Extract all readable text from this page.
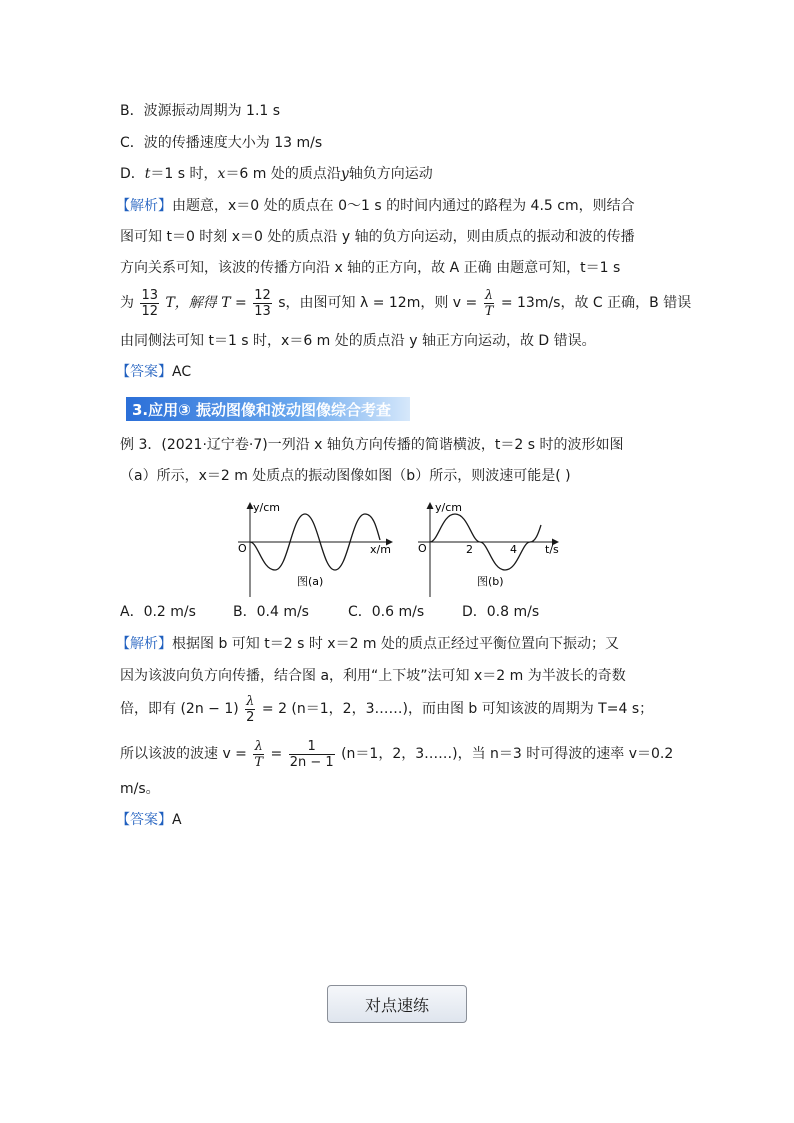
B．波源振动周期为 1.1 s
C．波的传播速度大小为 13 m/s
D．t＝1 s 时，x＝6 m 处的质点沿y轴负方向运动
【解析】由题意，x＝0 处的质点在 0～1 s 的时间内通过的路程为 4.5 cm，则结合
图可知 t＝0 时刻 x＝0 处的质点沿 y 轴的负方向运动，则由质点的振动和波的传播
方向关系可知，该波的传播方向沿 x 轴的正方向，故 A 正确 由题意可知，t＝1 s
为 $\frac{13}{12}$ T，解得 $T = \frac{12}{13}$ s，由图可知 λ = 12m，则 $v = \frac{\lambda}{T} = 13m/s$，故 C 正确，B 错误
由同侧法可知 t＝1 s 时，x＝6 m 处的质点沿 y 轴正方向运动，故 D 错误。
【答案】AC
3.应用③ 振动图像和波动图像综合考查
例 3．(2021·辽宁卷·7)一列沿 x 轴负方向传播的简谐横波，t＝2 s 时的波形如图
（a）所示，x＝2 m 处质点的振动图像如图（b）所示，则波速可能是( )
y/cm
x/m
O
图(a)
y/cm
t/s
O	2	4
图(b)
A．0.2 m/s	B．0.4 m/s	C．0.6 m/s	D．0.8 m/s
【解析】根据图 b 可知 t＝2 s 时 x＝2 m 处的质点正经过平衡位置向下振动；又
因为该波向负方向传播，结合图 a，利用“上下坡”法可知 x＝2 m 为半波长的奇数
倍，即有 $(2n - 1) \frac{\lambda}{2} = 2$ (n＝1，2，3……)，而由图 b 可知该波的周期为 T=4 s；
所以该波的波速 $v = \frac{\lambda}{T} = \frac{1}{2n - 1} (n=1$，2，3……)，当 n＝3 时可得波的速率 v＝0.2
m/s。
【答案】A
对点速练
